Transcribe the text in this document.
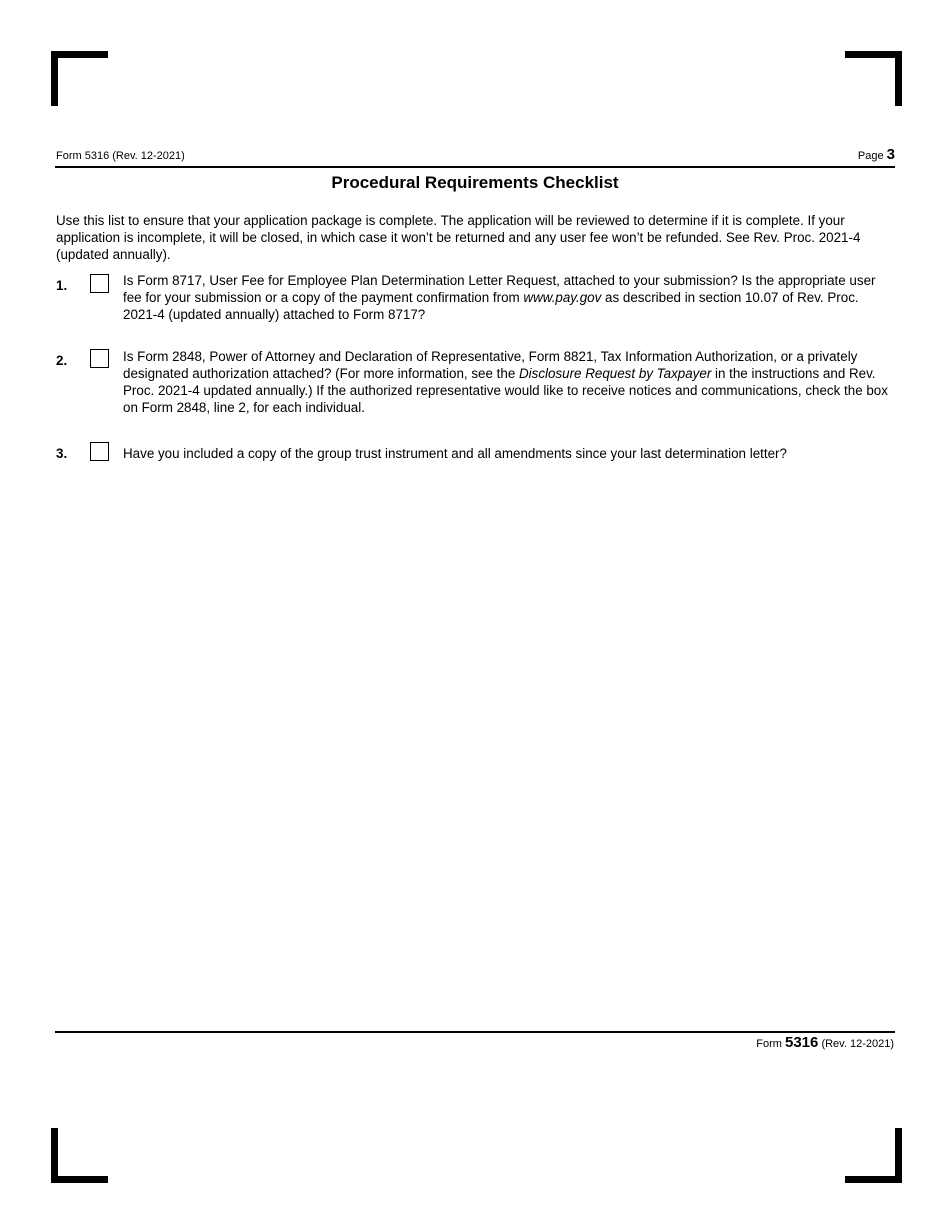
Form 5316 (Rev. 12-2021)	Page 3
Procedural Requirements Checklist
Use this list to ensure that your application package is complete. The application will be reviewed to determine if it is complete. If your application is incomplete, it will be closed, in which case it won’t be returned and any user fee won’t be refunded. See Rev. Proc. 2021-4 (updated annually).
1.	Is Form 8717, User Fee for Employee Plan Determination Letter Request, attached to your submission? Is the appropriate user fee for your submission or a copy of the payment confirmation from www.pay.gov as described in section 10.07 of Rev. Proc. 2021-4 (updated annually) attached to Form 8717?
2.	Is Form 2848, Power of Attorney and Declaration of Representative, Form 8821, Tax Information Authorization, or a privately designated authorization attached? (For more information, see the Disclosure Request by Taxpayer in the instructions and Rev. Proc. 2021-4 updated annually.) If the authorized representative would like to receive notices and communications, check the box on Form 2848, line 2, for each individual.
3.	Have you included a copy of the group trust instrument and all amendments since your last determination letter?
Form 5316 (Rev. 12-2021)
